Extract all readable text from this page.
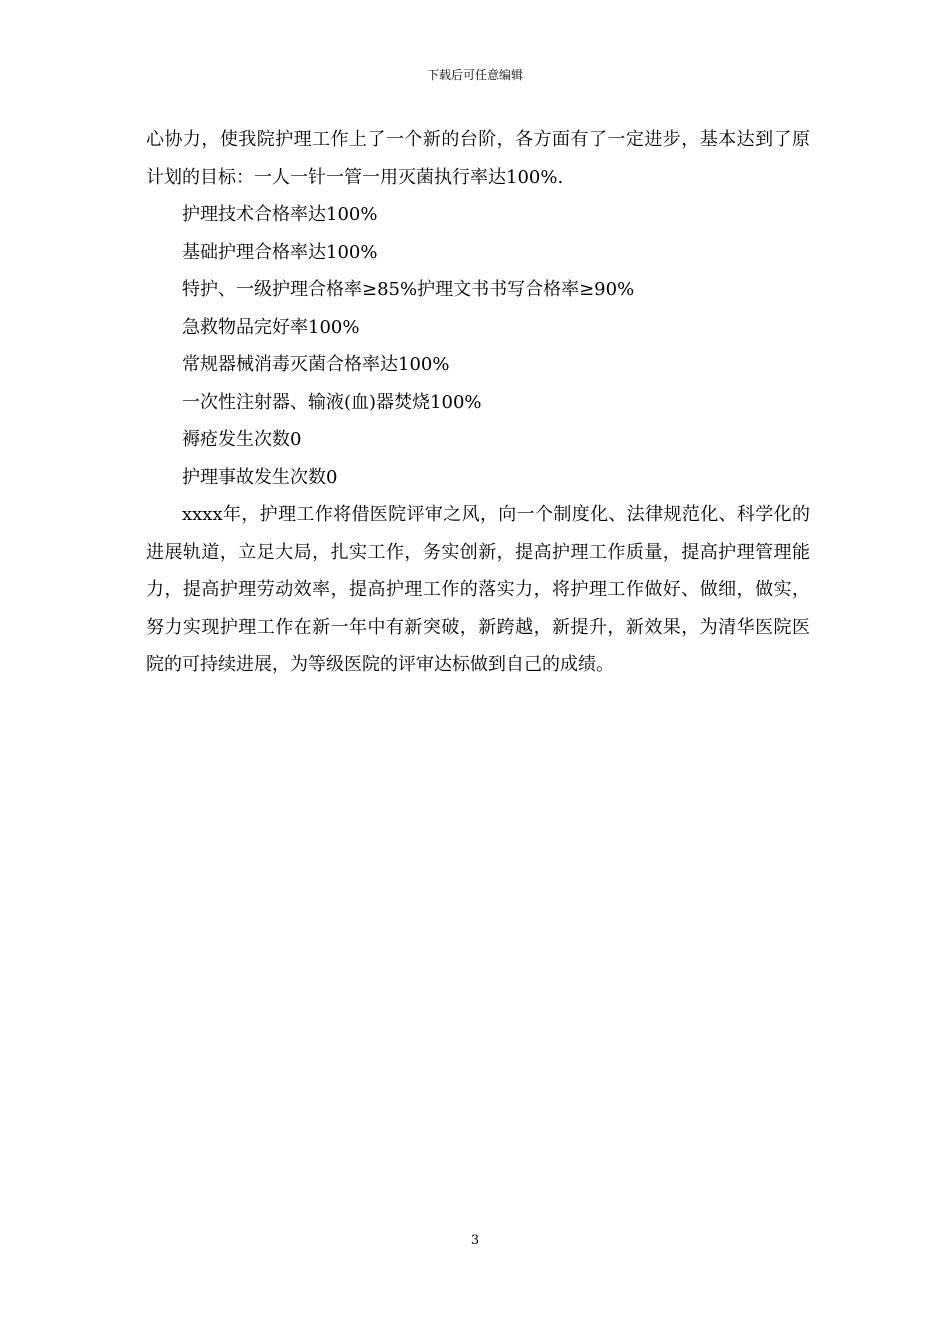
下载后可任意编辑

心协力，使我院护理工作上了一个新的台阶，各方面有了一定进步，基本达到了原计划的目标：一人一针一管一用灭菌执行率达100%.

护理技术合格率达100%

基础护理合格率达100%

特护、一级护理合格率≥85%护理文书书写合格率≥90%

急救物品完好率100%

常规器械消毒灭菌合格率达100%

一次性注射器、输液(血)器焚烧100%

褥疮发生次数0

护理事故发生次数0

xxxx年，护理工作将借医院评审之风，向一个制度化、法律规范化、科学化的进展轨道，立足大局，扎实工作，务实创新，提高护理工作质量，提高护理管理能力，提高护理劳动效率，提高护理工作的落实力，将护理工作做好、做细，做实，努力实现护理工作在新一年中有新突破，新跨越，新提升，新效果，为清华医院医院的可持续进展，为等级医院的评审达标做到自己的成绩。

3
